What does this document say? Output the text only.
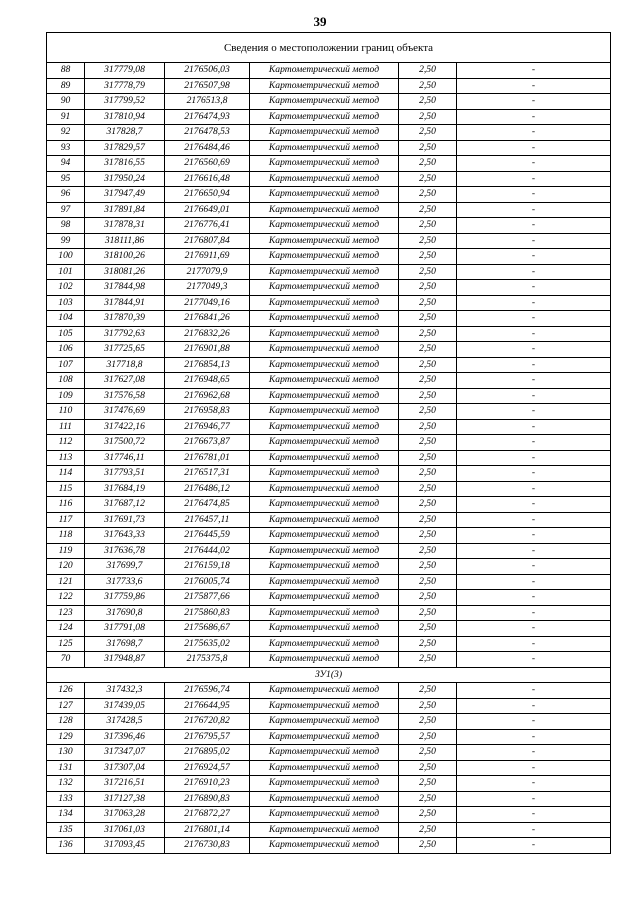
39
Сведения о местоположении границ объекта					
88	317779,08	2176506,03	Картометрический метод	2,50	-
89	317778,79	2176507,98	Картометрический метод	2,50	-
90	317799,52	2176513,8	Картометрический метод	2,50	-
91	317810,94	2176474,93	Картометрический метод	2,50	-
92	317828,7	2176478,53	Картометрический метод	2,50	-
93	317829,57	2176484,46	Картометрический метод	2,50	-
94	317816,55	2176560,69	Картометрический метод	2,50	-
95	317950,24	2176616,48	Картометрический метод	2,50	-
96	317947,49	2176650,94	Картометрический метод	2,50	-
97	317891,84	2176649,01	Картометрический метод	2,50	-
98	317878,31	2176776,41	Картометрический метод	2,50	-
99	318111,86	2176807,84	Картометрический метод	2,50	-
100	318100,26	2176911,69	Картометрический метод	2,50	-
101	318081,26	2177079,9	Картометрический метод	2,50	-
102	317844,98	2177049,3	Картометрический метод	2,50	-
103	317844,91	2177049,16	Картометрический метод	2,50	-
104	317870,39	2176841,26	Картометрический метод	2,50	-
105	317792,63	2176832,26	Картометрический метод	2,50	-
106	317725,65	2176901,88	Картометрический метод	2,50	-
107	317718,8	2176854,13	Картометрический метод	2,50	-
108	317627,08	2176948,65	Картометрический метод	2,50	-
109	317576,58	2176962,68	Картометрический метод	2,50	-
110	317476,69	2176958,83	Картометрический метод	2,50	-
111	317422,16	2176946,77	Картометрический метод	2,50	-
112	317500,72	2176673,87	Картометрический метод	2,50	-
113	317746,11	2176781,01	Картометрический метод	2,50	-
114	317793,51	2176517,31	Картометрический метод	2,50	-
115	317684,19	2176486,12	Картометрический метод	2,50	-
116	317687,12	2176474,85	Картометрический метод	2,50	-
117	317691,73	2176457,11	Картометрический метод	2,50	-
118	317643,33	2176445,59	Картометрический метод	2,50	-
119	317636,78	2176444,02	Картометрический метод	2,50	-
120	317699,7	2176159,18	Картометрический метод	2,50	-
121	317733,6	2176005,74	Картометрический метод	2,50	-
122	317759,86	2175877,66	Картометрический метод	2,50	-
123	317690,8	2175860,83	Картометрический метод	2,50	-
124	317791,08	2175686,67	Картометрический метод	2,50	-
125	317698,7	2175635,02	Картометрический метод	2,50	-
70	317948,87	2175375,8	Картометрический метод	2,50	-
ЗУ1(3)					
126	317432,3	2176596,74	Картометрический метод	2,50	-
127	317439,05	2176644,95	Картометрический метод	2,50	-
128	317428,5	2176720,82	Картометрический метод	2,50	-
129	317396,46	2176795,57	Картометрический метод	2,50	-
130	317347,07	2176895,02	Картометрический метод	2,50	-
131	317307,04	2176924,57	Картометрический метод	2,50	-
132	317216,51	2176910,23	Картометрический метод	2,50	-
133	317127,38	2176890,83	Картометрический метод	2,50	-
134	317063,28	2176872,27	Картометрический метод	2,50	-
135	317061,03	2176801,14	Картометрический метод	2,50	-
136	317093,45	2176730,83	Картометрический метод	2,50	-
